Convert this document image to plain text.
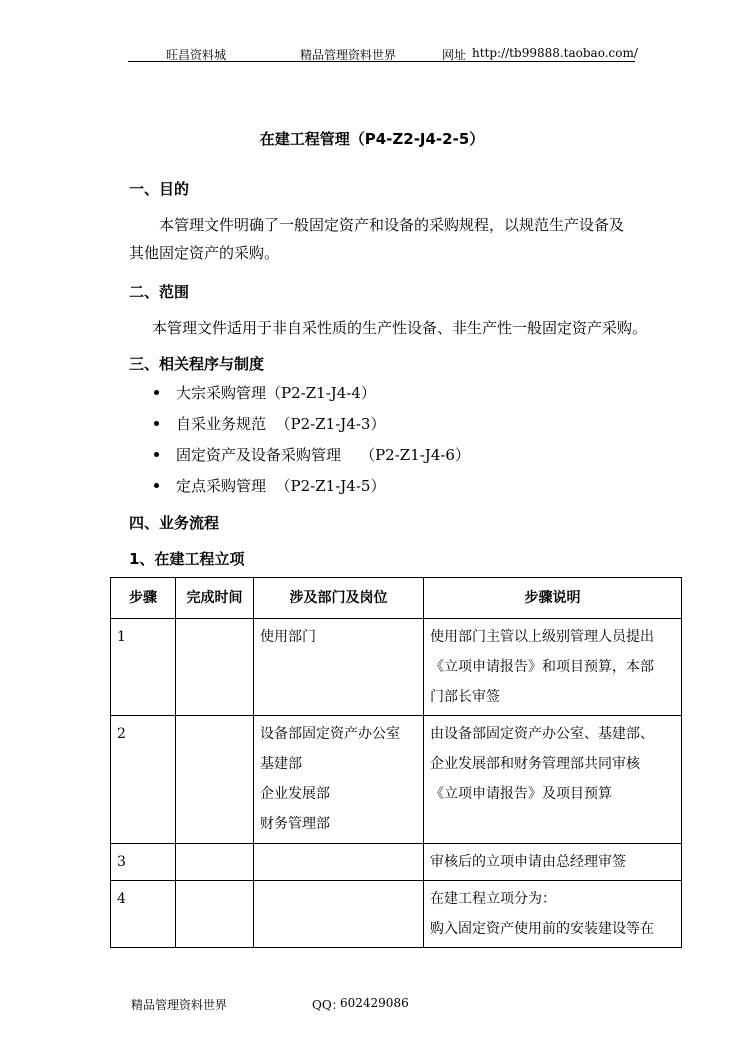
旺昌资料城	精品管理资料世界	网址 http://tb99888.taobao.com/
在建工程管理（P4-Z2-J4-2-5）
一、目的
本管理文件明确了一般固定资产和设备的采购规程，以规范生产设备及
其他固定资产的采购。
二、范围
本管理文件适用于非自采性质的生产性设备、非生产性一般固定资产采购。
三、相关程序与制度
大宗采购管理（P2-Z1-J4-4）
自采业务规范  （P2-Z1-J4-3）
固定资产及设备采购管理    （P2-Z1-J4-6）
定点采购管理  （P2-Z1-J4-5）
四、业务流程
1、在建工程立项
步骤	完成时间	涉及部门及岗位	步骤说明
1		使用部门	使用部门主管以上级别管理人员提出
《立项申请报告》和项目预算，本部
门部长审签

2		设备部固定资产办公室
基建部
企业发展部
财务管理部	由设备部固定资产办公室、基建部、
企业发展部和财务管理部共同审核
《立项申请报告》及项目预算

3			审核后的立项申请由总经理审签

4			在建工程立项分为：
购入固定资产使用前的安装建设等在
精品管理资料世界	QQ：
602429086
